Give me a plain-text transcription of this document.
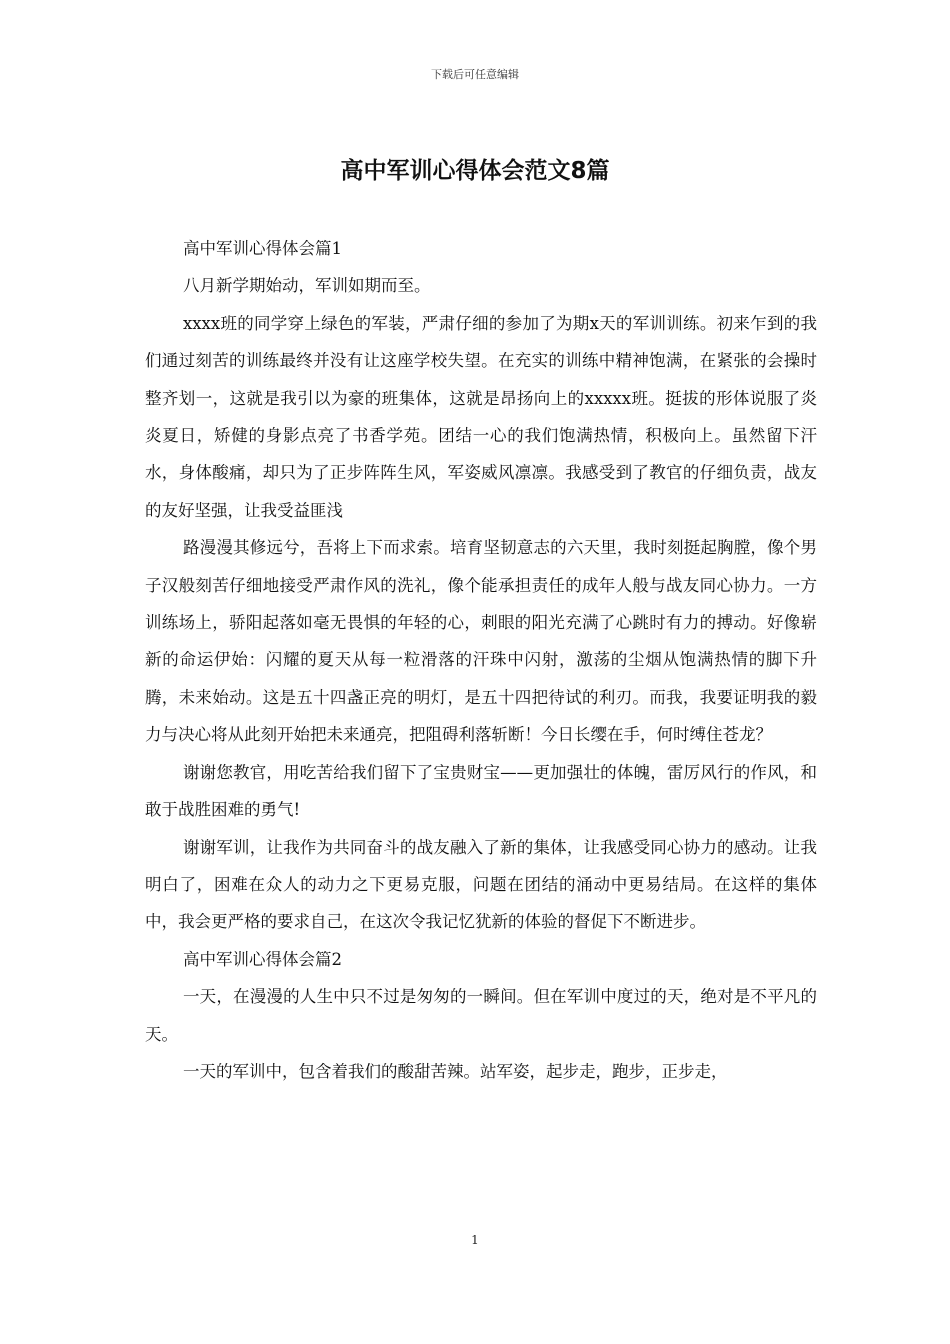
下载后可任意编辑
高中军训心得体会范文8篇

高中军训心得体会篇1

八月新学期始动，军训如期而至。

xxxx班的同学穿上绿色的军装，严肃仔细的参加了为期x天的军训训练。初来乍到的我们通过刻苦的训练最终并没有让这座学校失望。在充实的训练中精神饱满，在紧张的会操时整齐划一，这就是我引以为豪的班集体，这就是昂扬向上的xxxxx班。挺拔的形体说服了炎炎夏日，矫健的身影点亮了书香学苑。团结一心的我们饱满热情，积极向上。虽然留下汗水，身体酸痛，却只为了正步阵阵生风，军姿威风凛凛。我感受到了教官的仔细负责，战友的友好坚强，让我受益匪浅

路漫漫其修远兮，吾将上下而求索。培育坚韧意志的六天里，我时刻挺起胸膛，像个男子汉般刻苦仔细地接受严肃作风的洗礼，像个能承担责任的成年人般与战友同心协力。一方训练场上，骄阳起落如毫无畏惧的年轻的心，刺眼的阳光充满了心跳时有力的搏动。好像崭新的命运伊始：闪耀的夏天从每一粒滑落的汗珠中闪射，激荡的尘烟从饱满热情的脚下升腾，未来始动。这是五十四盏正亮的明灯，是五十四把待试的利刃。而我，我要证明我的毅力与决心将从此刻开始把未来通亮，把阻碍利落斩断！今日长缨在手，何时缚住苍龙？

谢谢您教官，用吃苦给我们留下了宝贵财宝——更加强壮的体魄，雷厉风行的作风，和敢于战胜困难的勇气!

谢谢军训，让我作为共同奋斗的战友融入了新的集体，让我感受同心协力的感动。让我明白了，困难在众人的动力之下更易克服，问题在团结的涌动中更易结局。在这样的集体中，我会更严格的要求自己，在这次令我记忆犹新的体验的督促下不断进步。

高中军训心得体会篇2

一天，在漫漫的人生中只不过是匆匆的一瞬间。但在军训中度过的天，绝对是不平凡的天。

一天的军训中，包含着我们的酸甜苦辣。站军姿，起步走，跑步，正步走，

1
